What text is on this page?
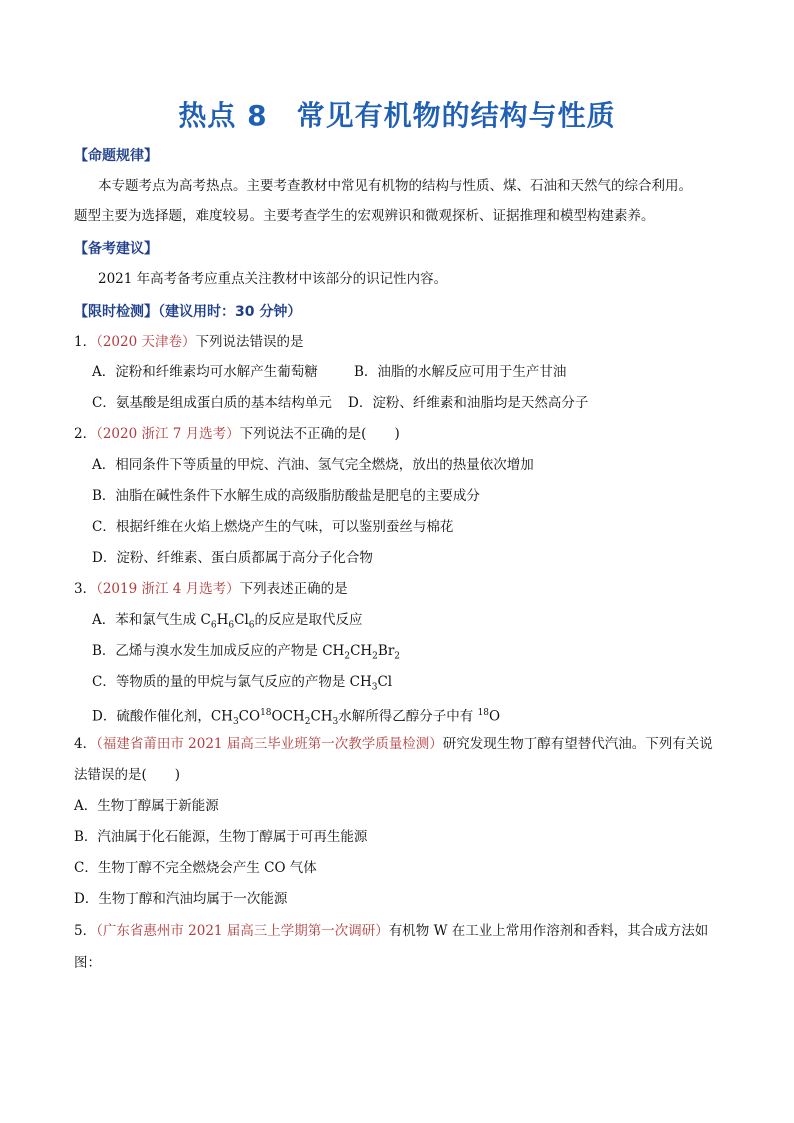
热点 8　常见有机物的结构与性质
【命题规律】
本专题考点为高考热点。主要考查教材中常见有机物的结构与性质、煤、石油和天然气的综合利用。
题型主要为选择题，难度较易。主要考查学生的宏观辨识和微观探析、证据推理和模型构建素养。
【备考建议】
2021 年高考备考应重点关注教材中该部分的识记性内容。
【限时检测】（建议用时：30 分钟）
1．（2020 天津卷）下列说法错误的是
A．淀粉和纤维素均可水解产生葡萄糖	B．油脂的水解反应可用于生产甘油
C．氨基酸是组成蛋白质的基本结构单元 D．淀粉、纤维素和油脂均是天然高分子
2．（2020 浙江 7 月选考）下列说法不正确的是( )
A．相同条件下等质量的甲烷、汽油、氢气完全燃烧，放出的热量依次增加
B．油脂在碱性条件下水解生成的高级脂肪酸盐是肥皂的主要成分
C．根据纤维在火焰上燃烧产生的气味，可以鉴别蚕丝与棉花
D．淀粉、纤维素、蛋白质都属于高分子化合物
3．（2019 浙江 4 月选考）下列表述正确的是
A．苯和氯气生成 $C_6H_6Cl_6$的反应是取代反应
B．乙烯与溴水发生加成反应的产物是 $CH_2CH_2Br_2$
C．等物质的量的甲烷与氯气反应的产物是 $CH_3Cl$
D．硫酸作催化剂，$CH_3CO^{18}OCH_2CH_3$水解所得乙醇分子中有 $^{18}$O
4．（福建省莆田市 2021 届高三毕业班第一次教学质量检测）研究发现生物丁醇有望替代汽油。下列有关说
法错误的是( )
A．生物丁醇属于新能源
B．汽油属于化石能源，生物丁醇属于可再生能源
C．生物丁醇不完全燃烧会产生 CO 气体
D．生物丁醇和汽油均属于一次能源
5．（广东省惠州市 2021 届高三上学期第一次调研）有机物 W 在工业上常用作溶剂和香料，其合成方法如
图：
